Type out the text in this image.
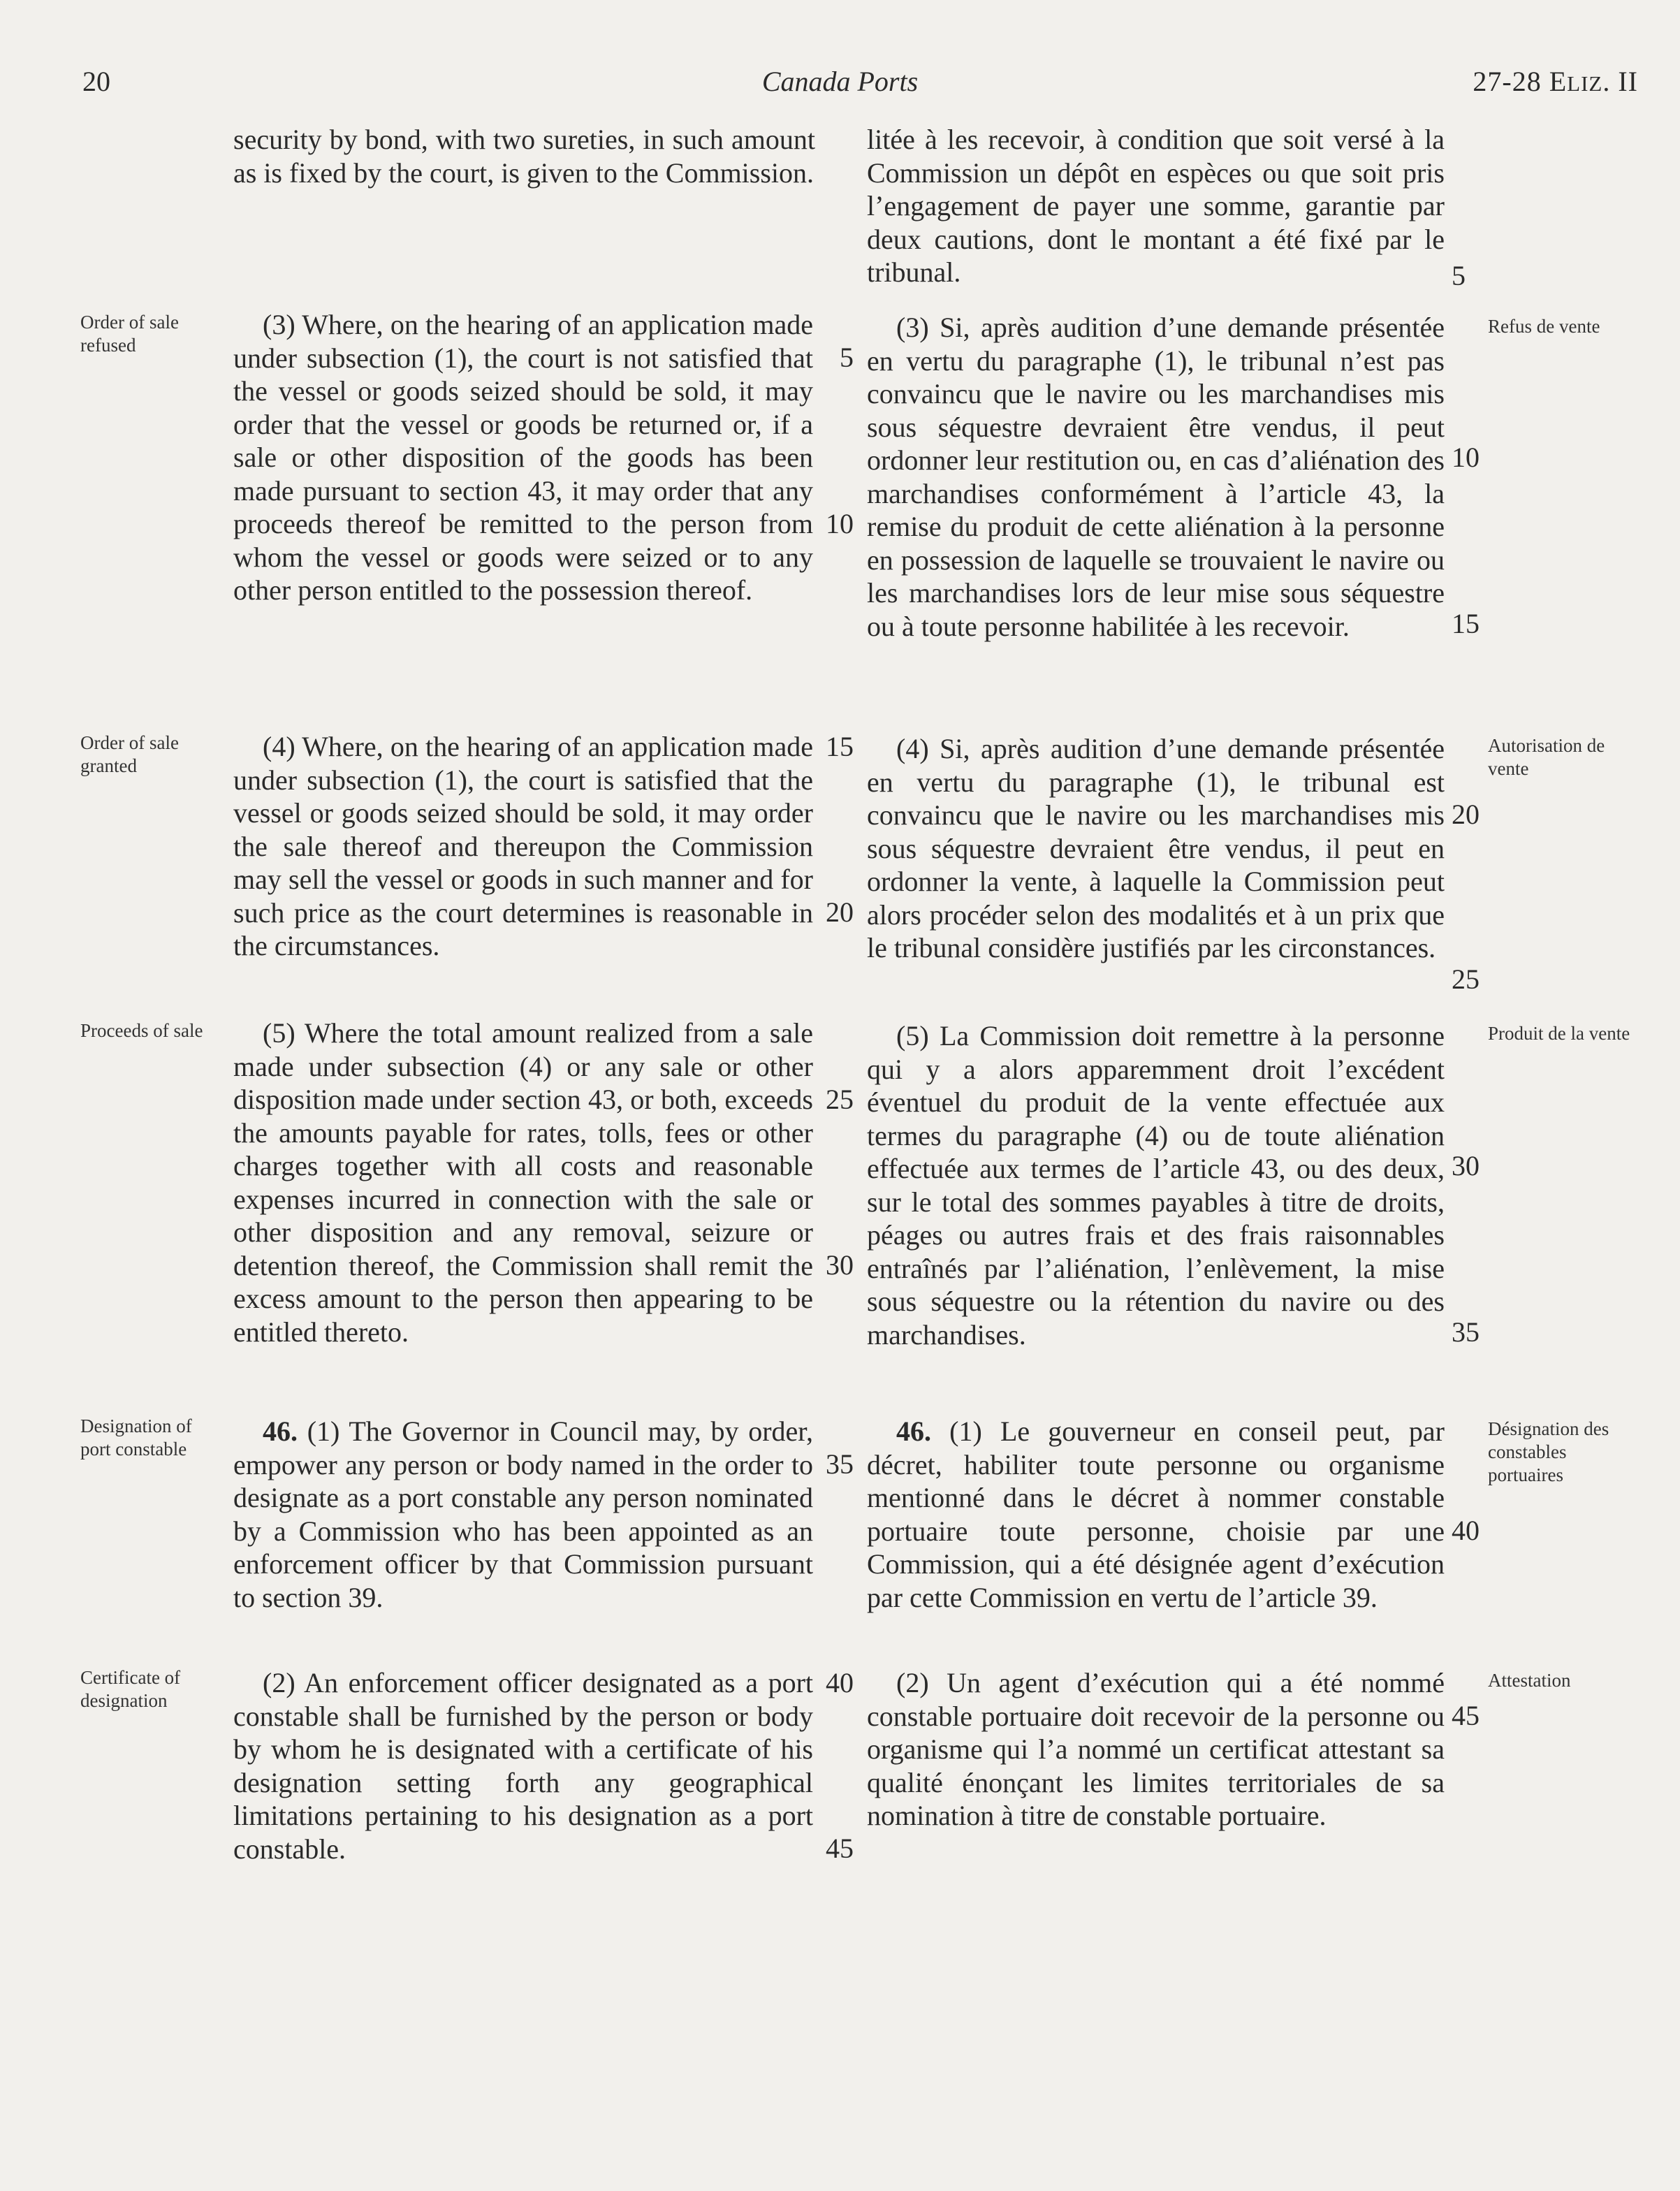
20	Canada Ports	27-28 ELIZ. II

security by bond, with two sureties, in such amount as is fixed by the court, is given to the Commission.

litée à les recevoir, à condition que soit versé à la Commission un dépôt en espèces ou que soit pris l’engagement de payer une somme, garantie par deux cautions, dont le montant a été fixé par le tribunal.	5
Order of sale refused
Refus de vente

(3) Where, on the hearing of an application made under subsection (1), the court is not satisfied that the vessel or goods seized should be sold, it may order that the vessel or goods be returned or, if a sale or other disposition of the goods has been made pursuant to section 43, it may order that any proceeds thereof be remitted to the person from whom the vessel or goods were seized or to any other person entitled to the possession thereof.

(3) Si, après audition d’une demande présentée en vertu du paragraphe (1), le tribunal n’est pas convaincu que le navire ou les marchandises mis sous séquestre devraient être vendus, il peut ordonner leur restitution ou, en cas d’aliénation des marchandises conformément à l’article 43, la remise du produit de cette aliénation à la personne en possession de laquelle se trouvaient le navire ou les marchandises lors de leur mise sous séquestre ou à toute personne habilitée à les recevoir.

5
10
10
15
Order of sale granted
Autorisation de vente

(4) Where, on the hearing of an application made under subsection (1), the court is satisfied that the vessel or goods seized should be sold, it may order the sale thereof and thereupon the Commission may sell the vessel or goods in such manner and for such price as the court determines is reasonable in the circumstances.

(4) Si, après audition d’une demande présentée en vertu du paragraphe (1), le tribunal est convaincu que le navire ou les marchandises mis sous séquestre devraient être vendus, il peut en ordonner la vente, à laquelle la Commission peut alors procéder selon des modalités et à un prix que le tribunal considère justifiés par les circonstances.

15
20
20
25
Proceeds of sale	Produit de la vente

(5) Where the total amount realized from a sale made under subsection (4) or any sale or other disposition made under section 43, or both, exceeds the amounts payable for rates, tolls, fees or other charges together with all costs and reasonable expenses incurred in connection with the sale or other disposition and any removal, seizure or detention thereof, the Commission shall remit the excess amount to the person then appearing to be entitled thereto.

(5) La Commission doit remettre à la personne qui y a alors apparemment droit l’excédent éventuel du produit de la vente effectuée aux termes du paragraphe (4) ou de toute aliénation effectuée aux termes de l’article 43, ou des deux, sur le total des sommes payables à titre de droits, péages ou autres frais et des frais raisonnables entraînés par l’aliénation, l’enlèvement, la mise sous séquestre ou la rétention du navire ou des marchandises.

25
30
30
35
Designation of port constable
Désignation des constables portuaires

46. (1) The Governor in Council may, by order, empower any person or body named in the order to designate as a port constable any person nominated by a Commission who has been appointed as an enforcement officer by that Commission pursuant to section 39.

46. (1) Le gouverneur en conseil peut, par décret, habiliter toute personne ou organisme mentionné dans le décret à nommer constable portuaire toute personne, choisie par une Commission, qui a été désignée agent d’exécution par cette Commission en vertu de l’article 39.

35
40
Certificate of designation
Attestation

(2) An enforcement officer designated as a port constable shall be furnished by the person or body by whom he is designated with a certificate of his designation setting forth any geographical limitations pertaining to his designation as a port constable.

(2) Un agent d’exécution qui a été nommé constable portuaire doit recevoir de la personne ou organisme qui l’a nommé un certificat attestant sa qualité énonçant les limites territoriales de sa nomination à titre de constable portuaire.

40
45
45
